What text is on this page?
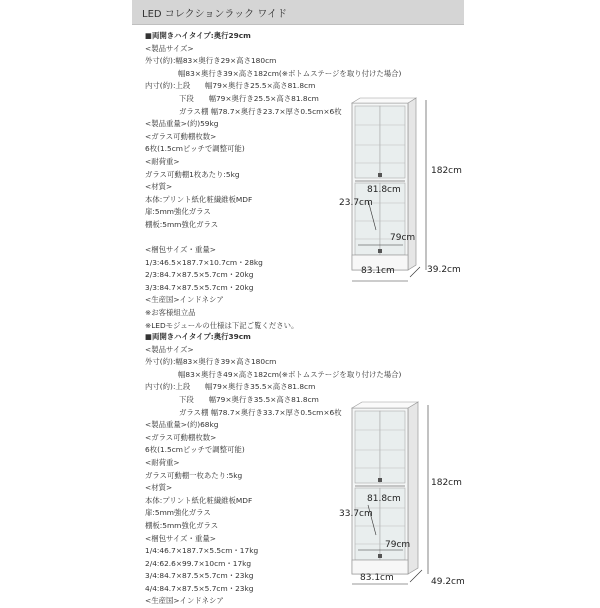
LED コレクションラック ワイド
■両開きハイタイプ:奥行29cm
<製品サイズ>
外寸(約):幅83×奥行き29×高さ180cm
幅83×奥行き39×高さ182cm(※ボトムステージを取り付けた場合)
内寸(約):上段　　幅79×奥行き25.5×高さ81.8cm
下段　　幅79×奥行き25.5×高さ81.8cm
ガラス棚 幅78.7×奥行き23.7×厚さ0.5cm×6枚
<製品重量>(約)59kg
<ガラス可動棚枚数>
6枚(1.5cmピッチで調整可能)
<耐荷重>
ガラス可動棚1枚あたり:5kg
<材質>
本体:プリント紙化粧繊維板MDF
扉:5mm強化ガラス
棚板:5mm強化ガラス
<梱包サイズ・重量>
1/3:46.5×187.7×10.7cm・28kg
2/3:84.7×87.5×5.7cm・20kg
3/3:84.7×87.5×5.7cm・20kg
<生産国>インドネシア
※お客様組立品
※LEDモジュールの仕様は下記ご覧ください。
182cm
83.1cm	39.2cm
81.8cm
23.7cm
79cm
■両開きハイタイプ:奥行39cm
<製品サイズ>
外寸(約):幅83×奥行き39×高さ180cm
幅83×奥行き49×高さ182cm(※ボトムステージを取り付けた場合)
内寸(約):上段　　幅79×奥行き35.5×高さ81.8cm
下段　　幅79×奥行き35.5×高さ81.8cm
ガラス棚 幅78.7×奥行き33.7×厚さ0.5cm×6枚
<製品重量>(約)68kg
<ガラス可動棚枚数>
6枚(1.5cmピッチで調整可能)
<耐荷重>
ガラス可動棚一枚あたり:5kg
<材質>
本体:プリント紙化粧繊維板MDF
扉:5mm強化ガラス
棚板:5mm強化ガラス
<梱包サイズ・重量>
1/4:46.7×187.7×5.5cm・17kg
2/4:62.6×99.7×10cm・17kg
3/4:84.7×87.5×5.7cm・23kg
4/4:84.7×87.5×5.7cm・23kg
<生産国>インドネシア
182cm
83.1cm	49.2cm
81.8cm
33.7cm
79cm
